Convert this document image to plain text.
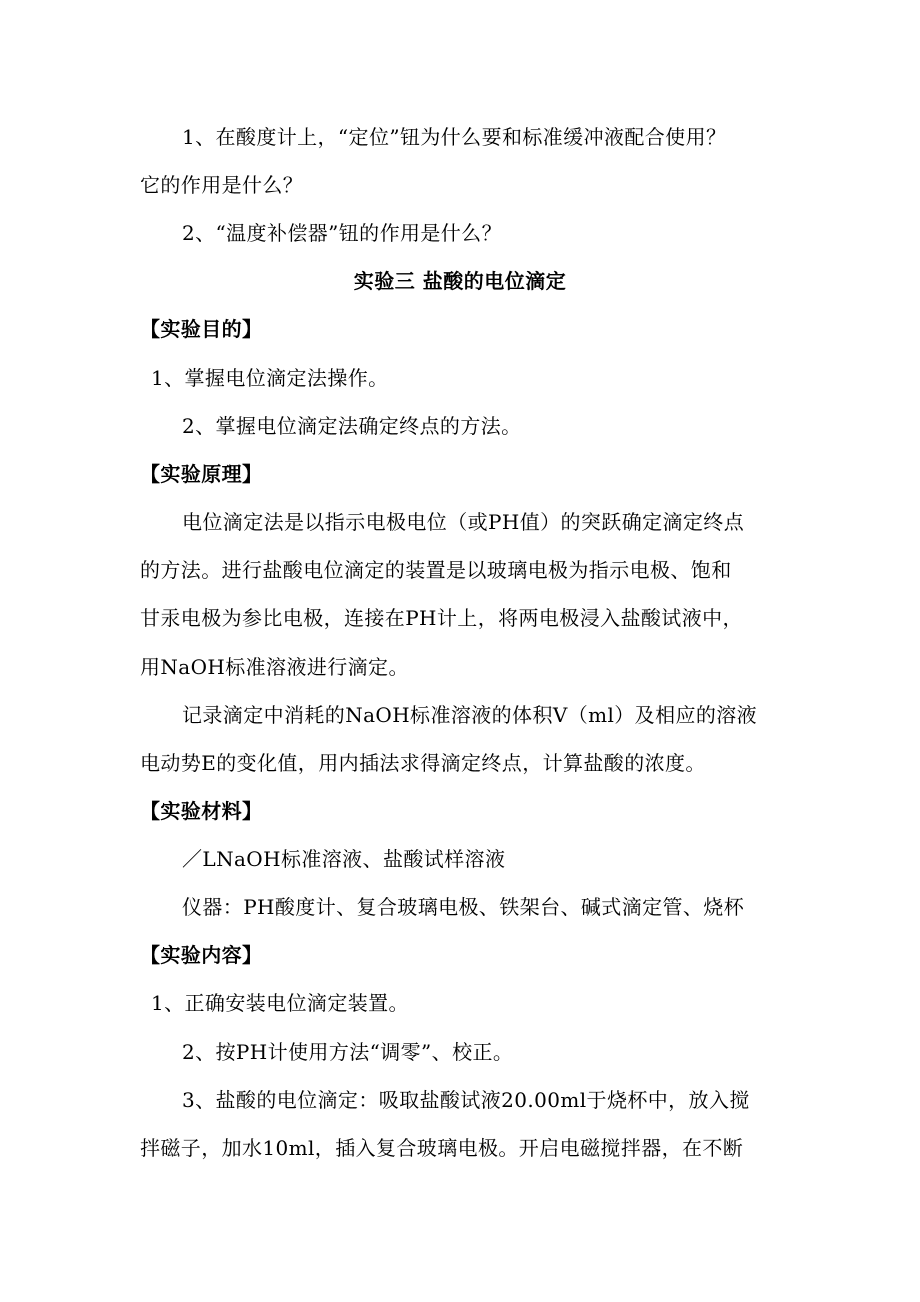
1、在酸度计上，“定位”钮为什么要和标准缓冲液配合使用？
它的作用是什么？
2、“温度补偿器”钮的作用是什么？
实验三 盐酸的电位滴定
【实验目的】
1、掌握电位滴定法操作。
2、掌握电位滴定法确定终点的方法。
【实验原理】
电位滴定法是以指示电极电位（或PH值）的突跃确定滴定终点
的方法。进行盐酸电位滴定的装置是以玻璃电极为指示电极、饱和
甘汞电极为参比电极，连接在PH计上，将两电极浸入盐酸试液中，
用NaOH标准溶液进行滴定。
记录滴定中消耗的NaOH标准溶液的体积V（ml）及相应的溶液
电动势E的变化值，用内插法求得滴定终点，计算盐酸的浓度。
【实验材料】
／LNaOH标准溶液、盐酸试样溶液
仪器：PH酸度计、复合玻璃电极、铁架台、碱式滴定管、烧杯
【实验内容】
1、正确安装电位滴定装置。
2、按PH计使用方法“调零”、校正。
3、盐酸的电位滴定：吸取盐酸试液20.00ml于烧杯中，放入搅
拌磁子，加水10ml，插入复合玻璃电极。开启电磁搅拌器，在不断
